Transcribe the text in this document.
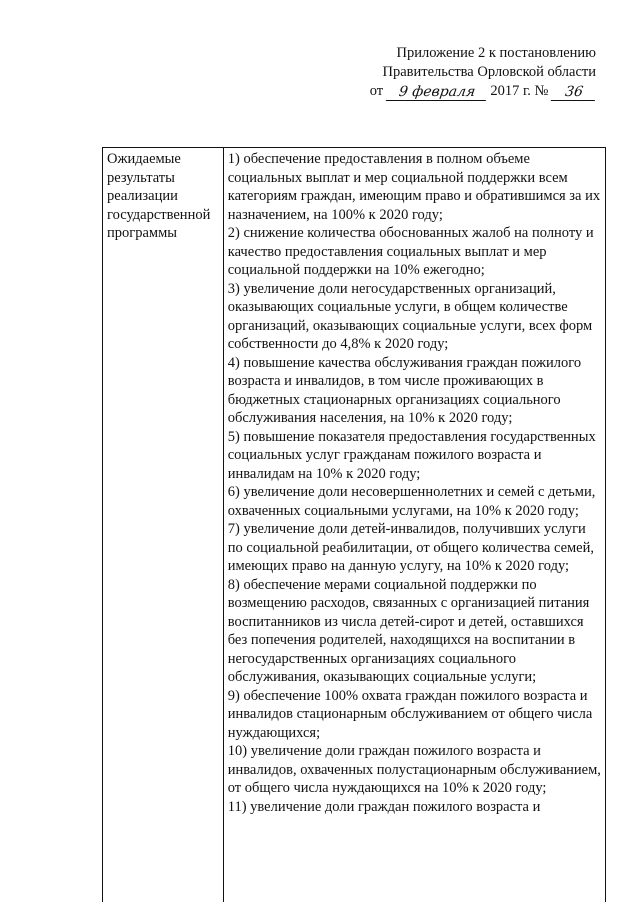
Приложение 2 к постановлению
Правительства Орловской области
от
	9 февраля
2017 г. №
	36
Ожидаемые
результаты
реализации
государственной
программы

1) обеспечение предоставления в полном объеме социальных выплат и мер социальной поддержки всем категориям граждан, имеющим право и обратившимся за их назначением, на 100% к 2020 году;
2) снижение количества обоснованных жалоб на полноту и качество предоставления социальных выплат и мер социальной поддержки на 10% ежегодно;
3) увеличение доли негосударственных организаций, оказывающих социальные услуги, в общем количестве организаций, оказывающих социальные услуги, всех форм собственности до 4,8% к 2020 году;
4) повышение качества обслуживания граждан пожилого возраста и инвалидов, в том числе проживающих в бюджетных стационарных организациях социального обслуживания населения, на 10% к 2020 году;
5) повышение показателя предоставления государственных социальных услуг гражданам пожилого возраста и инвалидам на 10% к 2020 году;
6) увеличение доли несовершеннолетних и семей с детьми, охваченных социальными услугами, на 10% к 2020 году;
7) увеличение доли детей-инвалидов, получивших услуги по социальной реабилитации, от общего количества семей, имеющих право на данную услугу, на 10% к 2020 году;
8) обеспечение мерами социальной поддержки по возмещению расходов, связанных с организацией питания воспитанников из числа детей-сирот и детей, оставшихся без попечения родителей, находящихся на воспитании в негосударственных организациях социального обслуживания, оказывающих социальные услуги;
9) обеспечение 100% охвата граждан пожилого возраста и инвалидов стационарным обслуживанием от общего числа нуждающихся;
10) увеличение доли граждан пожилого возраста и инвалидов, охваченных полустационарным обслуживанием, от общего числа нуждающихся на 10% к 2020 году;
11) увеличение доли граждан пожилого возраста и
